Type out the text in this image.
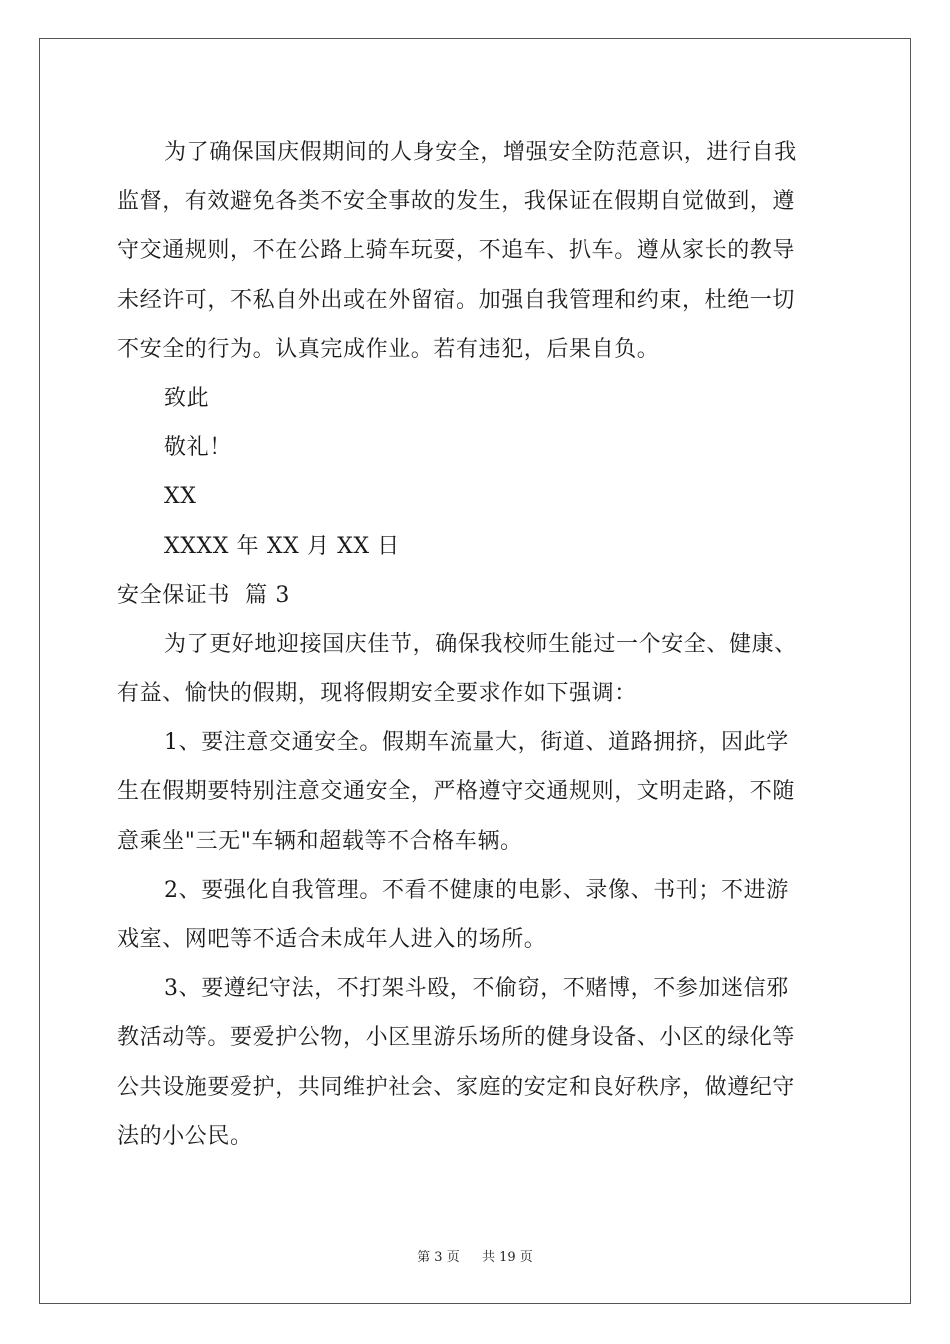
为了确保国庆假期间的人身安全，增强安全防范意识，进行自我
监督，有效避免各类不安全事故的发生，我保证在假期自觉做到，遵
守交通规则，不在公路上骑车玩耍，不追车、扒车。遵从家长的教导
未经许可，不私自外出或在外留宿。加强自我管理和约束，杜绝一切
不安全的行为。认真完成作业。若有违犯，后果自负。
致此
敬礼！
XX
XXXX 年 XX 月 XX 日
安全保证书  篇 3
为了更好地迎接国庆佳节，确保我校师生能过一个安全、健康、
有益、愉快的假期，现将假期安全要求作如下强调：
1、要注意交通安全。假期车流量大，街道、道路拥挤，因此学
生在假期要特别注意交通安全，严格遵守交通规则，文明走路，不随
意乘坐"三无"车辆和超载等不合格车辆。
2、要强化自我管理。不看不健康的电影、录像、书刊；不进游
戏室、网吧等不适合未成年人进入的场所。
3、要遵纪守法，不打架斗殴，不偷窃，不赌博，不参加迷信邪
教活动等。要爱护公物，小区里游乐场所的健身设备、小区的绿化等
公共设施要爱护，共同维护社会、家庭的安定和良好秩序，做遵纪守
法的小公民。
第 3 页 共 19 页
